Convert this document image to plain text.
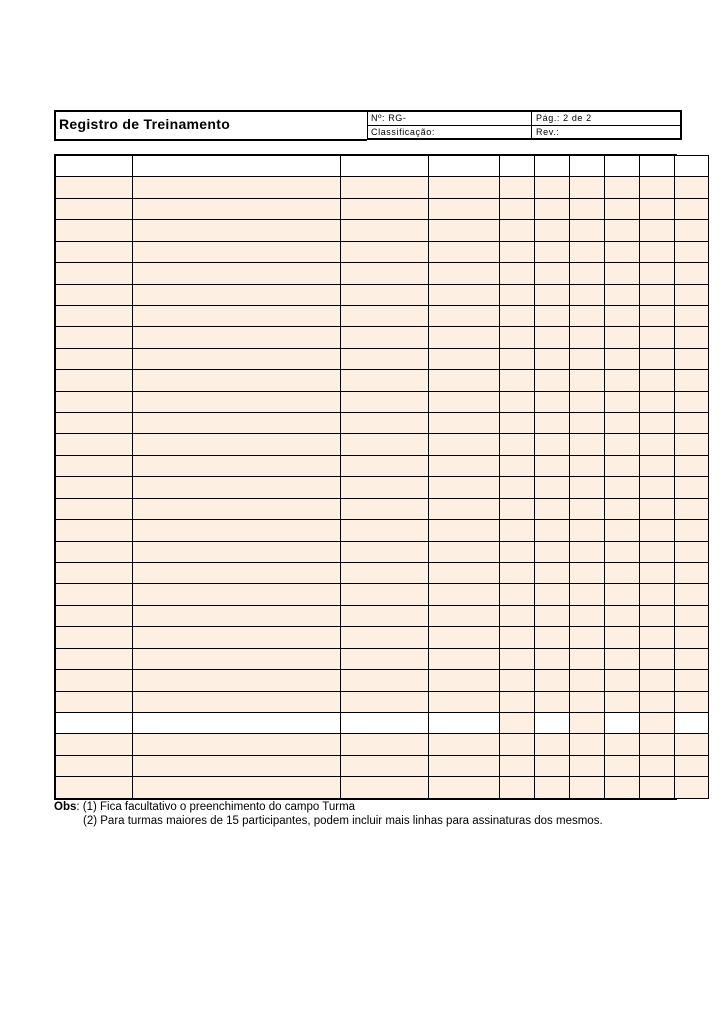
Registro de Treinamento	Nº: RG-	Pág.: 2 de 2
Classificação:	Rev.:

Obs: (1) Fica facultativo o preenchimento do campo Turma
(2) Para turmas maiores de 15 participantes, podem incluir mais linhas para assinaturas dos mesmos.
